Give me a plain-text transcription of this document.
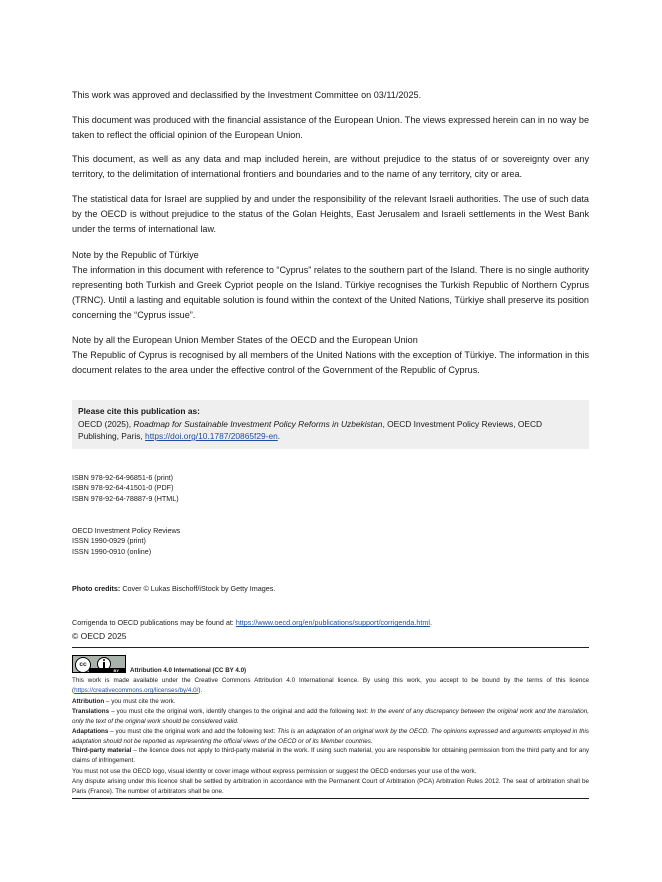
This work was approved and declassified by the Investment Committee on 03/11/2025.

This document was produced with the financial assistance of the European Union. The views expressed herein can in no way be taken to reflect the official opinion of the European Union.

This document, as well as any data and map included herein, are without prejudice to the status of or sovereignty over any territory, to the delimitation of international frontiers and boundaries and to the name of any territory, city or area.

The statistical data for Israel are supplied by and under the responsibility of the relevant Israeli authorities. The use of such data by the OECD is without prejudice to the status of the Golan Heights, East Jerusalem and Israeli settlements in the West Bank under the terms of international law.

Note by the Republic of Türkiye
The information in this document with reference to “Cyprus” relates to the southern part of the Island. There is no single authority representing both Turkish and Greek Cypriot people on the Island. Türkiye recognises the Turkish Republic of Northern Cyprus (TRNC). Until a lasting and equitable solution is found within the context of the United Nations, Türkiye shall preserve its position concerning the “Cyprus issue”.
Note by all the European Union Member States of the OECD and the European Union
The Republic of Cyprus is recognised by all members of the United Nations with the exception of Türkiye. The information in this document relates to the area under the effective control of the Government of the Republic of Cyprus.
Please cite this publication as:
OECD (2025), Roadmap for Sustainable Investment Policy Reforms in Uzbekistan, OECD Investment Policy Reviews, OECD Publishing, Paris, https://doi.org/10.1787/20865f29-en.
ISBN 978-92-64-96851-6 (print)
ISBN 978-92-64-41501-0 (PDF)
ISBN 978-92-64-78887-9 (HTML)
OECD Investment Policy Reviews
ISSN 1990-0929 (print)
ISSN 1990-0910 (online)
Photo credits: Cover © Lukas Bischoff/iStock by Getty Images.
Corrigenda to OECD publications may be found at: https://www.oecd.org/en/publications/support/corrigenda.html.
© OECD 2025
cc
BY Attribution 4.0 International (CC BY 4.0)

This work is made available under the Creative Commons Attribution 4.0 International licence. By using this work, you accept to be bound by the terms of this licence (https://creativecommons.org/licenses/by/4.0/).

Attribution – you must cite the work.

Translations – you must cite the original work, identify changes to the original and add the following text: In the event of any discrepancy between the original work and the translation, only the text of the original work should be considered valid.

Adaptations – you must cite the original work and add the following text: This is an adaptation of an original work by the OECD. The opinions expressed and arguments employed in this adaptation should not be reported as representing the official views of the OECD or of its Member countries.

Third-party material – the licence does not apply to third-party material in the work. If using such material, you are responsible for obtaining permission from the third party and for any claims of infringement.

You must not use the OECD logo, visual identity or cover image without express permission or suggest the OECD endorses your use of the work.

Any dispute arising under this licence shall be settled by arbitration in accordance with the Permanent Court of Arbitration (PCA) Arbitration Rules 2012. The seat of arbitration shall be Paris (France). The number of arbitrators shall be one.
